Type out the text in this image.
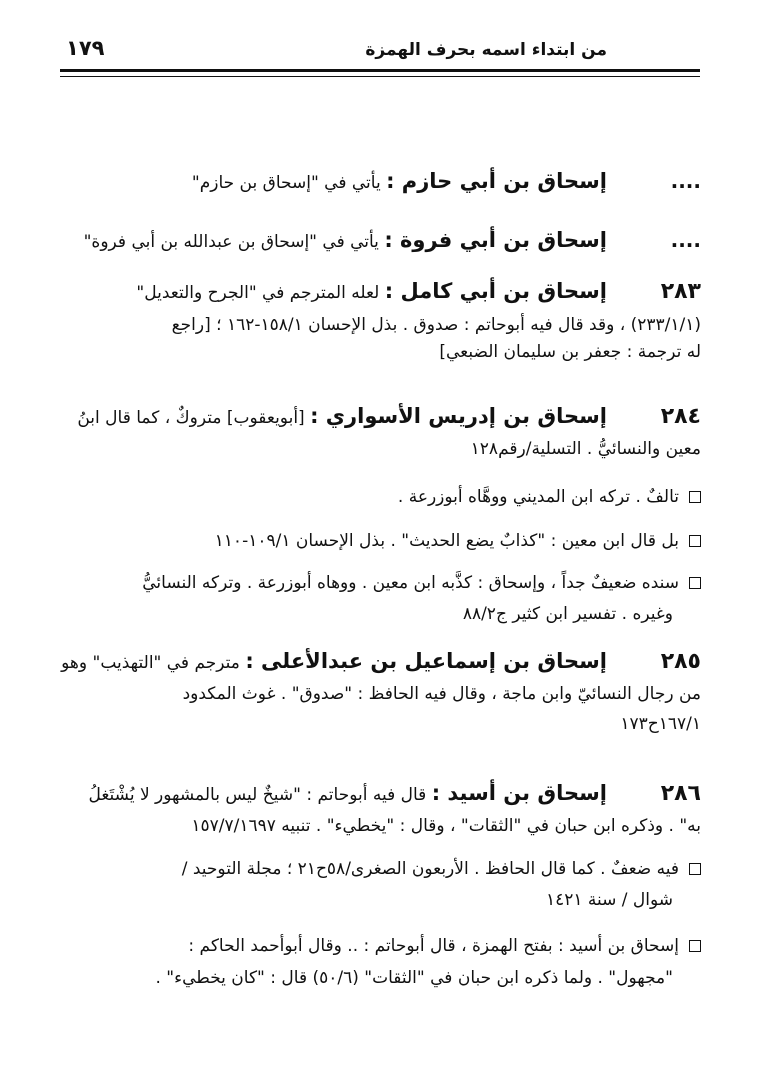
١٧٩	من ابتداء اسمه بحرف الهمزة
....إسحاق بن أبي حازم : يأتي في "إسحاق بن حازم"
....إسحاق بن أبي فروة : يأتي في "إسحاق بن عبدالله بن أبي فروة"
٢٨٣إسحاق بن أبي كامل : لعله المترجم في "الجرح والتعديل"
(٢٣٣/١/١) ، وقد قال فيه أبوحاتم : صدوق . بذل الإحسان ١٥٨/١-١٦٢ ؛ [راجع
له ترجمة : جعفر بن سليمان الضبعي]
٢٨٤إسحاق بن إدريس الأسواري : [أبويعقوب] متروكٌ ، كما قال ابنُ
معين والنسائيُّ . التسلية/رقم١٢٨
تالفٌ . تركه ابن المديني ووهَّاه أبوزرعة .
بل قال ابن معين : "كذابٌ يضع الحديث" . بذل الإحسان ١٠٩/١-١١٠
سنده ضعيفٌ جداً ، وإسحاق : كذَّبه ابن معين . ووهاه أبوزرعة . وتركه النسائيُّ
وغيره . تفسير ابن كثير ج٨٨/٢
٢٨٥إسحاق بن إسماعيل بن عبدالأعلى : مترجم في "التهذيب" وهو
من رجال النسائيّ وابن ماجة ، وقال فيه الحافظ : "صدوق" . غوث المكدود
١٦٧/١ح١٧٣
٢٨٦إسحاق بن أسيد : قال فيه أبوحاتم : "شيخٌ ليس بالمشهور لا يُشْتَغلُ
به" . وذكره ابن حبان في "الثقات" ، وقال : "يخطيء" . تنبيه ١٥٧/٧/١٦٩٧
فيه ضعفٌ . كما قال الحافظ . الأربعون الصغرى/٥٨ح٢١ ؛ مجلة التوحيد /
شوال / سنة ١٤٢١
إسحاق بن أسيد : بفتح الهمزة ، قال أبوحاتم : .. وقال أبوأحمد الحاكم :
"مجهول" . ولما ذكره ابن حبان في "الثقات" (٥٠/٦) قال : "كان يخطيء" .
